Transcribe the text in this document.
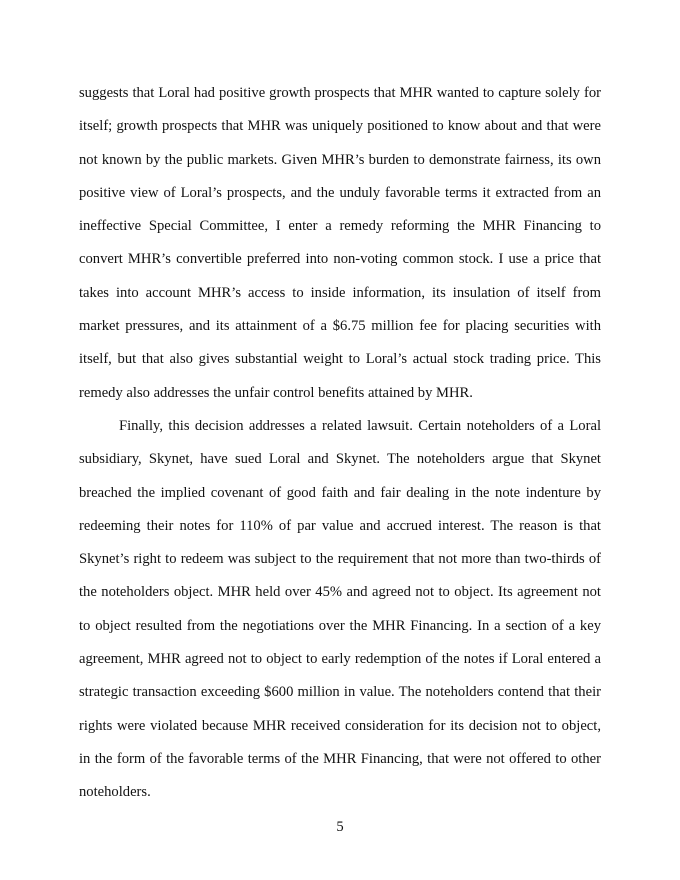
suggests that Loral had positive growth prospects that MHR wanted to capture solely for itself; growth prospects that MHR was uniquely positioned to know about and that were not known by the public markets. Given MHR’s burden to demonstrate fairness, its own positive view of Loral’s prospects, and the unduly favorable terms it extracted from an ineffective Special Committee, I enter a remedy reforming the MHR Financing to convert MHR’s convertible preferred into non-voting common stock. I use a price that takes into account MHR’s access to inside information, its insulation of itself from market pressures, and its attainment of a $6.75 million fee for placing securities with itself, but that also gives substantial weight to Loral’s actual stock trading price. This remedy also addresses the unfair control benefits attained by MHR.

Finally, this decision addresses a related lawsuit. Certain noteholders of a Loral subsidiary, Skynet, have sued Loral and Skynet. The noteholders argue that Skynet breached the implied covenant of good faith and fair dealing in the note indenture by redeeming their notes for 110% of par value and accrued interest. The reason is that Skynet’s right to redeem was subject to the requirement that not more than two-thirds of the noteholders object. MHR held over 45% and agreed not to object. Its agreement not to object resulted from the negotiations over the MHR Financing. In a section of a key agreement, MHR agreed not to object to early redemption of the notes if Loral entered a strategic transaction exceeding $600 million in value. The noteholders contend that their rights were violated because MHR received consideration for its decision not to object, in the form of the favorable terms of the MHR Financing, that were not offered to other noteholders.

5
